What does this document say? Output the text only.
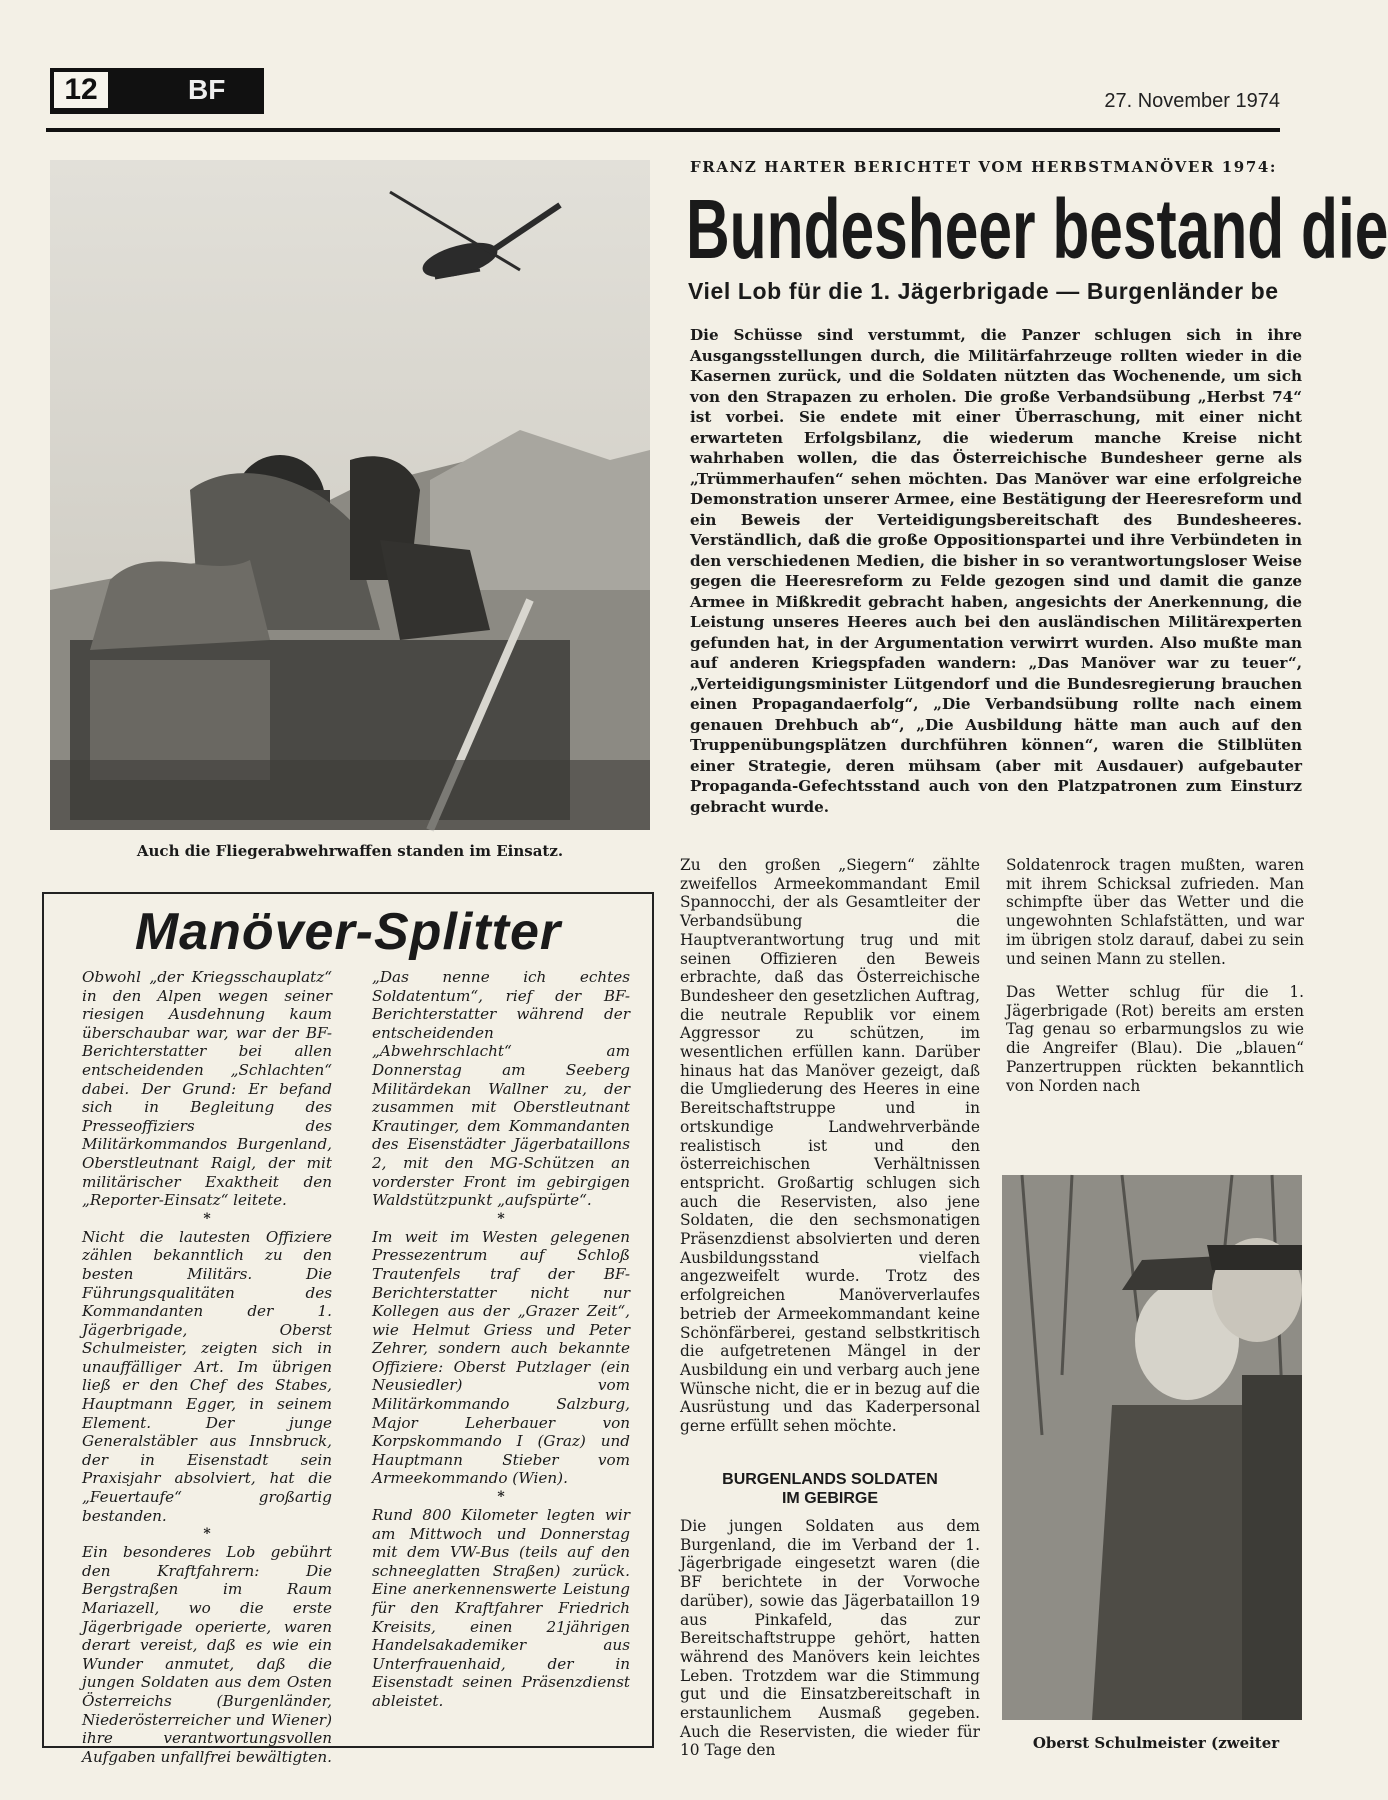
12	BF	27. November 1974
Auch die Fliegerabwehrwaffen standen im Einsatz.
FRANZ HARTER BERICHTET VOM HERBSTMANÖVER 1974:
Bundesheer bestand die
Viel Lob für die 1. Jägerbrigade — Burgenländer be

Die Schüsse sind verstummt, die Panzer schlugen sich in ihre Ausgangsstellungen durch, die Militärfahrzeuge rollten wieder in die Kasernen zurück, und die Soldaten nützten das Wochenende, um sich von den Strapazen zu erholen. Die große Verbandsübung „Herbst 74“ ist vorbei. Sie endete mit einer Überraschung, mit einer nicht erwarteten Erfolgsbilanz, die wiederum manche Kreise nicht wahrhaben wollen, die das Österreichische Bundesheer gerne als „Trümmerhaufen“ sehen möchten. Das Manöver war eine erfolgreiche Demonstration unserer Armee, eine Bestätigung der Heeresreform und ein Beweis der Verteidigungsbereitschaft des Bundesheeres. Verständlich, daß die große Oppositionspartei und ihre Verbündeten in den verschiedenen Medien, die bisher in so verantwortungsloser Weise gegen die Heeresreform zu Felde gezogen sind und damit die ganze Armee in Mißkredit gebracht haben, angesichts der Anerkennung, die Leistung unseres Heeres auch bei den ausländischen Militärexperten gefunden hat, in der Argumentation verwirrt wurden. Also mußte man auf anderen Kriegspfaden wandern: „Das Manöver war zu teuer“, „Verteidigungsminister Lütgendorf und die Bundesregierung brauchen einen Propagandaerfolg“, „Die Verbandsübung rollte nach einem genauen Drehbuch ab“, „Die Ausbildung hätte man auch auf den Truppenübungsplätzen durchführen können“, waren die Stilblüten einer Strategie, deren mühsam (aber mit Ausdauer) aufgebauter Propaganda-Gefechtsstand auch von den Platzpatronen zum Einsturz gebracht wurde.

Zu den großen „Siegern“ zählte zweifellos Armeekommandant Emil Spannocchi, der als Gesamtleiter der Verbandsübung die Hauptverantwortung trug und mit seinen Offizieren den Beweis erbrachte, daß das Österreichische Bundesheer den gesetzlichen Auftrag, die neutrale Republik vor einem Aggressor zu schützen, im wesentlichen erfüllen kann. Darüber hinaus hat das Manöver gezeigt, daß die Umgliederung des Heeres in eine Bereitschaftstruppe und in ortskundige Landwehrverbände realistisch ist und den österreichischen Verhältnissen entspricht. Großartig schlugen sich auch die Reservisten, also jene Soldaten, die den sechsmonatigen Präsenzdienst absolvierten und deren Ausbildungsstand vielfach angezweifelt wurde. Trotz des erfolgreichen Manöververlaufes betrieb der Armeekommandant keine Schönfärberei, gestand selbstkritisch die aufgetretenen Mängel in der Ausbildung ein und verbarg auch jene Wünsche nicht, die er in bezug auf die Ausrüstung und das Kaderpersonal gerne erfüllt sehen möchte.

Soldatenrock tragen mußten, waren mit ihrem Schicksal zufrieden. Man schimpfte über das Wetter und die ungewohnten Schlafstätten, und war im übrigen stolz darauf, dabei zu sein und seinen Mann zu stellen.

Das Wetter schlug für die 1. Jägerbrigade (Rot) bereits am ersten Tag genau so erbarmungslos zu wie die Angreifer (Blau). Die „blauen“ Panzertruppen rückten bekanntlich von Norden nach

BURGENLANDS SOLDATEN
IM GEBIRGE

Die jungen Soldaten aus dem Burgenland, die im Verband der 1. Jägerbrigade eingesetzt waren (die BF berichtete in der Vorwoche darüber), sowie das Jägerbataillon 19 aus Pinkafeld, das zur Bereitschaftstruppe gehört, hatten während des Manövers kein leichtes Leben. Trotzdem war die Stimmung gut und die Einsatzbereitschaft in erstaunlichem Ausmaß gegeben. Auch die Reservisten, die wieder für 10 Tage den	Oberst Schulmeister (zweiter
Manöver-Splitter

Obwohl „der Kriegsschauplatz“ in den Alpen wegen seiner riesigen Ausdehnung kaum überschaubar war, war der BF-Berichterstatter bei allen entscheidenden „Schlachten“ dabei. Der Grund: Er befand sich in Begleitung des Presseoffiziers des Militärkommandos Burgenland, Oberstleutnant Raigl, der mit militärischer Exaktheit den „Reporter-Einsatz“ leitete.

*

Nicht die lautesten Offiziere zählen bekanntlich zu den besten Militärs. Die Führungsqualitäten des Kommandanten der 1. Jägerbrigade, Oberst Schulmeister, zeigten sich in unauffälliger Art. Im übrigen ließ er den Chef des Stabes, Hauptmann Egger, in seinem Element. Der junge Generalstäbler aus Innsbruck, der in Eisenstadt sein Praxisjahr absolviert, hat die „Feuertaufe“ großartig bestanden.

*

Ein besonderes Lob gebührt den Kraftfahrern: Die Bergstraßen im Raum Mariazell, wo die erste Jägerbrigade operierte, waren derart vereist, daß es wie ein Wunder anmutet, daß die jungen Soldaten aus dem Osten Österreichs (Burgenländer, Niederösterreicher und Wiener) ihre verantwortungsvollen Aufgaben unfallfrei bewältigten.

„Das nenne ich echtes Soldatentum“, rief der BF-Berichterstatter während der entscheidenden „Abwehrschlacht“ am Donnerstag am Seeberg Militärdekan Wallner zu, der zusammen mit Oberstleutnant Krautinger, dem Kommandanten des Eisenstädter Jägerbataillons 2, mit den MG-Schützen an vorderster Front im gebirgigen Waldstützpunkt „aufspürte“.

*

Im weit im Westen gelegenen Pressezentrum auf Schloß Trautenfels traf der BF-Berichterstatter nicht nur Kollegen aus der „Grazer Zeit“, wie Helmut Griess und Peter Zehrer, sondern auch bekannte Offiziere: Oberst Putzlager (ein Neusiedler) vom Militärkommando Salzburg, Major Leherbauer von Korpskommando I (Graz) und Hauptmann Stieber vom Armeekommando (Wien).

*

Rund 800 Kilometer legten wir am Mittwoch und Donnerstag mit dem VW-Bus (teils auf den schneeglatten Straßen) zurück. Eine anerkennenswerte Leistung für den Kraftfahrer Friedrich Kreisits, einen 21jährigen Handelsakademiker aus Unterfrauenhaid, der in Eisenstadt seinen Präsenzdienst ableistet.
